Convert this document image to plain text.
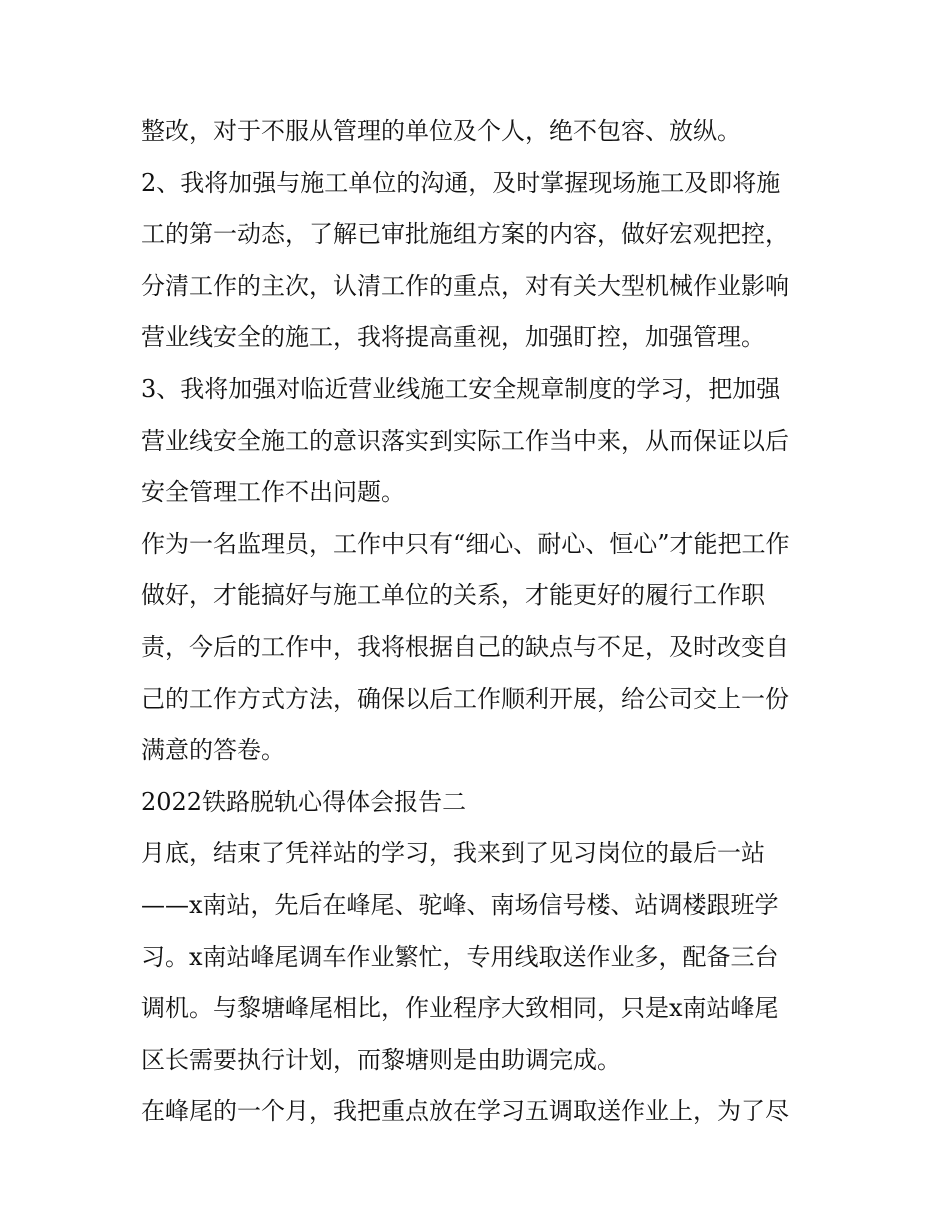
整改，对于不服从管理的单位及个人，绝不包容、放纵。
2、我将加强与施工单位的沟通，及时掌握现场施工及即将施
工的第一动态，了解已审批施组方案的内容，做好宏观把控，
分清工作的主次，认清工作的重点，对有关大型机械作业影响
营业线安全的施工，我将提高重视，加强盯控，加强管理。
3、我将加强对临近营业线施工安全规章制度的学习，把加强
营业线安全施工的意识落实到实际工作当中来，从而保证以后
安全管理工作不出问题。
作为一名监理员，工作中只有“细心、耐心、恒心”才能把工作
做好，才能搞好与施工单位的关系，才能更好的履行工作职
责，今后的工作中，我将根据自己的缺点与不足，及时改变自
己的工作方式方法，确保以后工作顺利开展，给公司交上一份
满意的答卷。
2022铁路脱轨心得体会报告二
月底，结束了凭祥站的学习，我来到了见习岗位的最后一站
——x南站，先后在峰尾、驼峰、南场信号楼、站调楼跟班学
习。x南站峰尾调车作业繁忙，专用线取送作业多，配备三台
调机。与黎塘峰尾相比，作业程序大致相同，只是x南站峰尾
区长需要执行计划，而黎塘则是由助调完成。
在峰尾的一个月，我把重点放在学习五调取送作业上，为了尽
